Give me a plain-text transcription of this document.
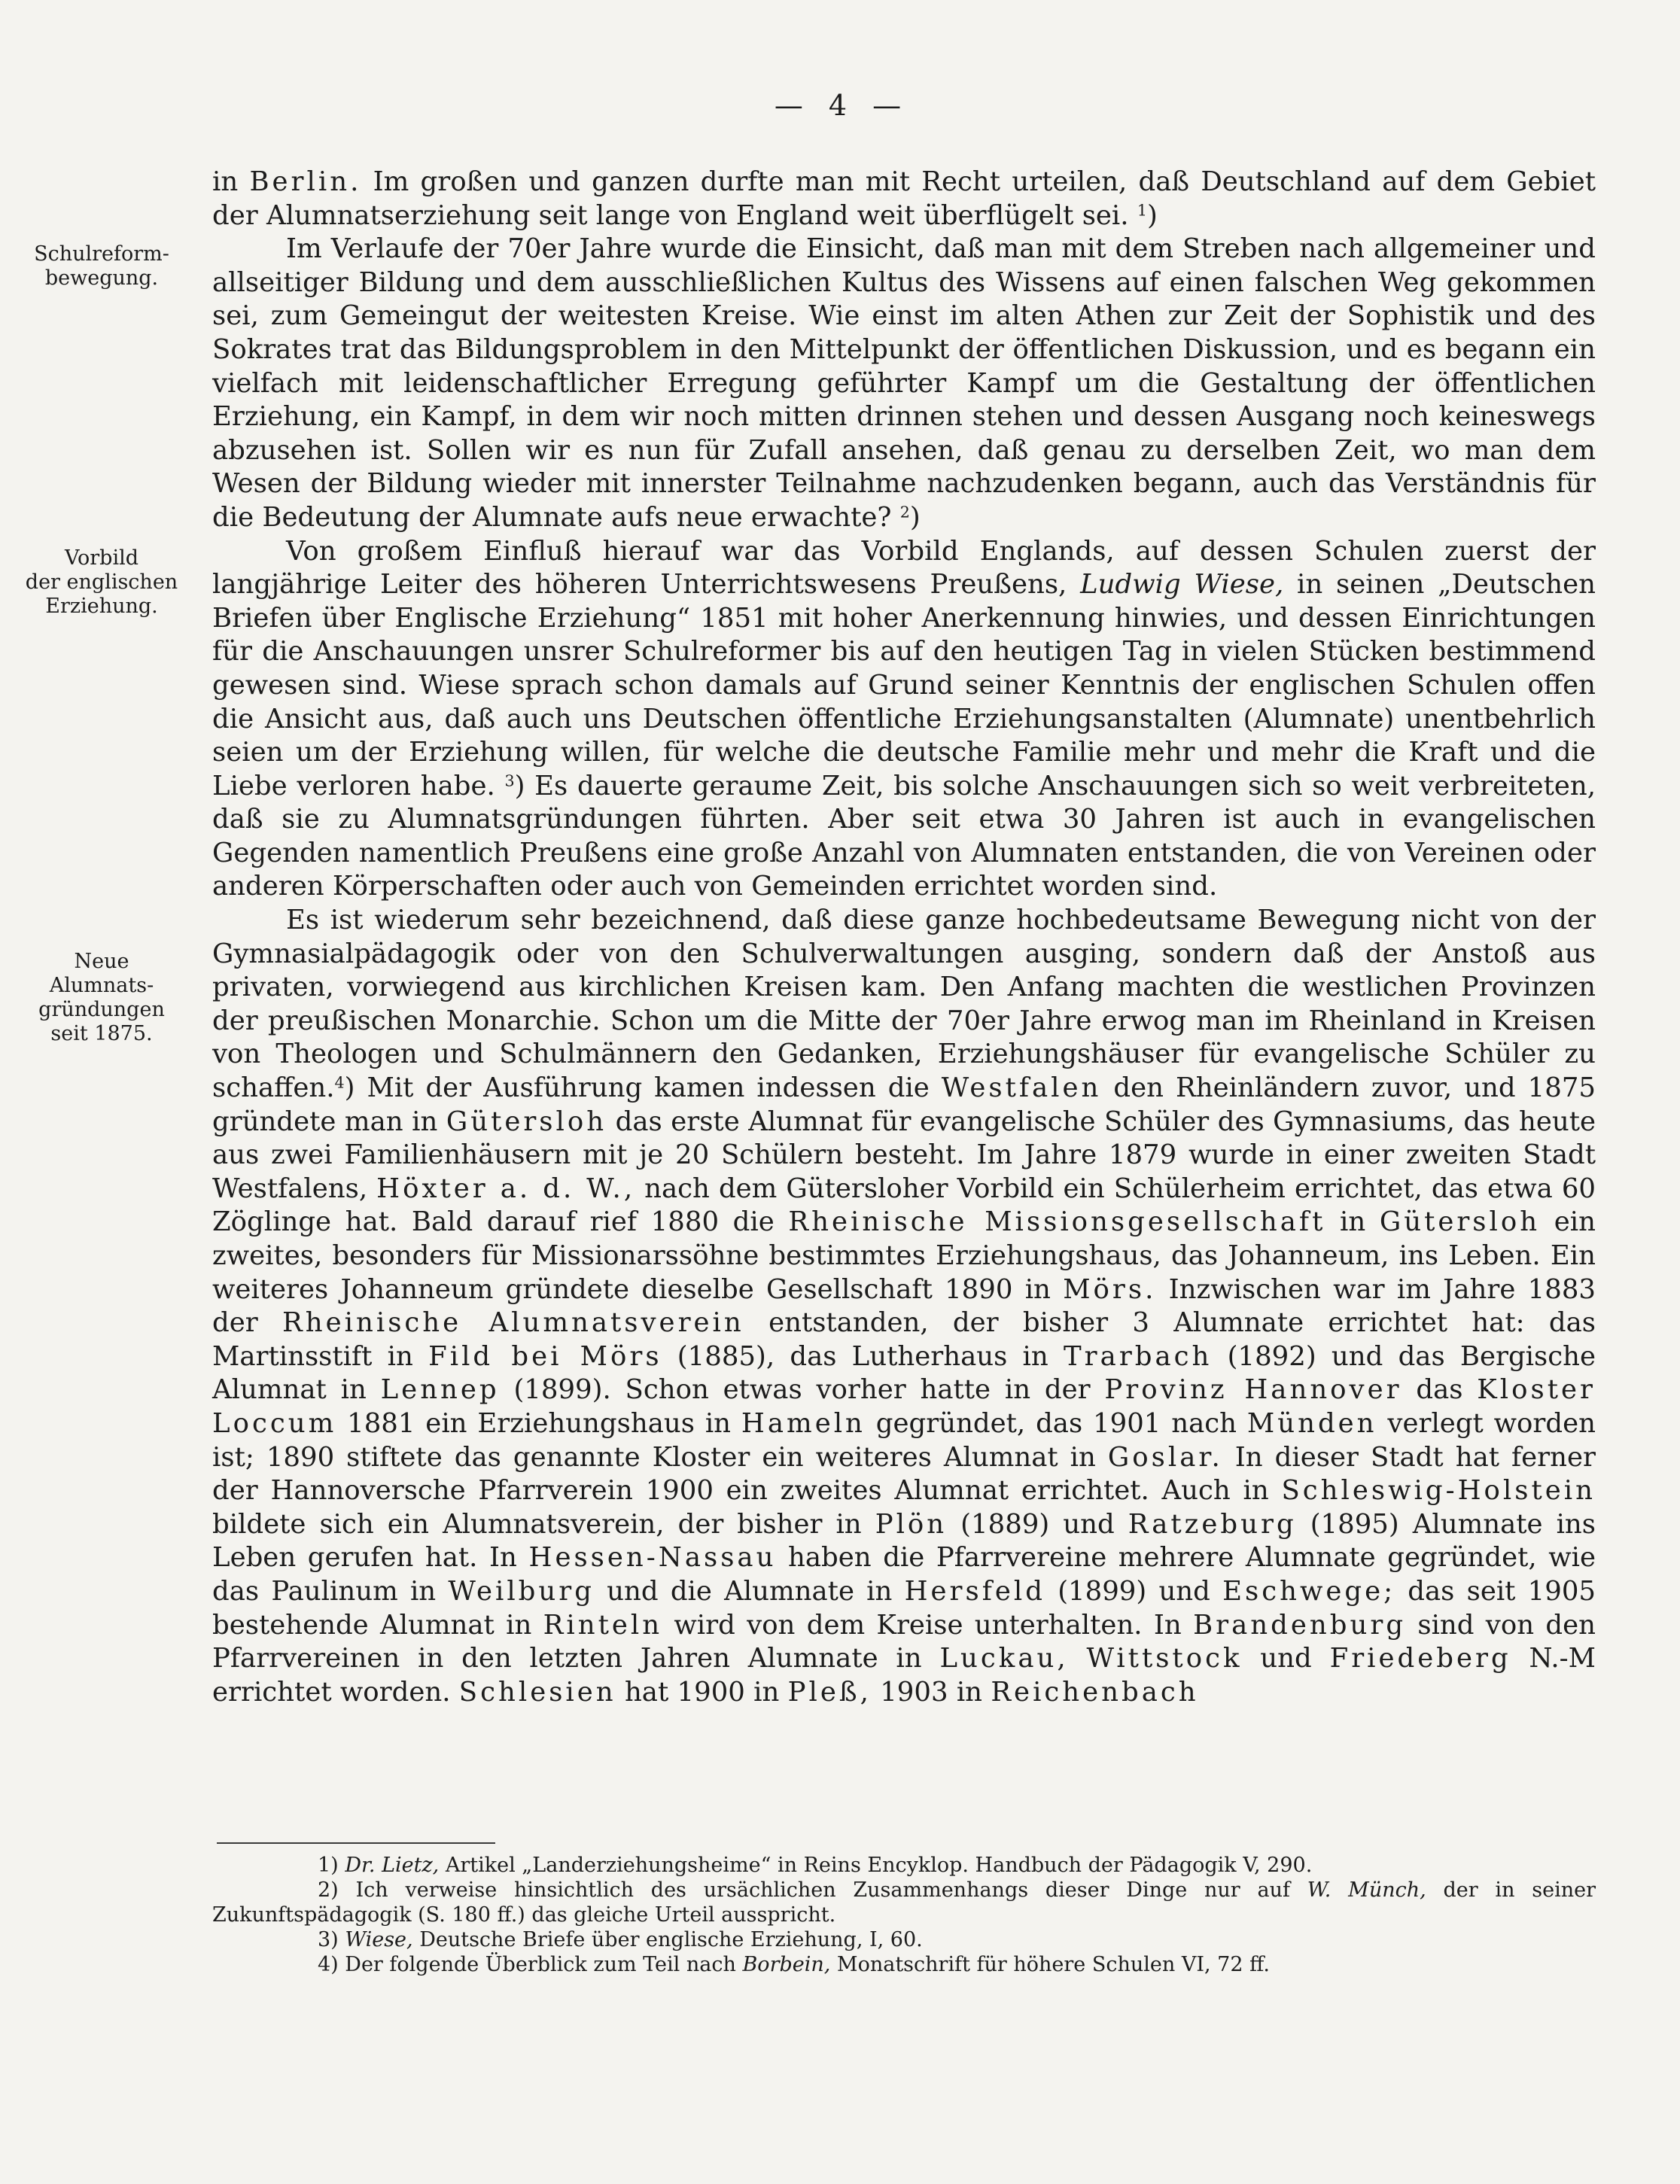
— 4 —
Schulreform-
bewegung.
Vorbild
der englischen
Erziehung.
Neue
Alumnats-
gründungen
seit 1875.

in Berlin. Im großen und ganzen durfte man mit Recht urteilen, daß Deutschland auf dem Gebiet der Alumnatserziehung seit lange von England weit überflügelt sei. $^1$)

Im Verlaufe der 70er Jahre wurde die Einsicht, daß man mit dem Streben nach allgemeiner und allseitiger Bildung und dem ausschließlichen Kultus des Wissens auf einen falschen Weg gekommen sei, zum Gemeingut der weitesten Kreise. Wie einst im alten Athen zur Zeit der Sophistik und des Sokrates trat das Bildungsproblem in den Mittelpunkt der öffentlichen Diskussion, und es begann ein vielfach mit leidenschaftlicher Erregung geführter Kampf um die Gestaltung der öffentlichen Erziehung, ein Kampf, in dem wir noch mitten drinnen stehen und dessen Ausgang noch keineswegs abzusehen ist. Sollen wir es nun für Zufall ansehen, daß genau zu derselben Zeit, wo man dem Wesen der Bildung wieder mit innerster Teilnahme nachzudenken begann, auch das Verständnis für die Bedeutung der Alumnate aufs neue erwachte? $^2$)

Von großem Einfluß hierauf war das Vorbild Englands, auf dessen Schulen zuerst der langjährige Leiter des höheren Unterrichtswesens Preußens, Ludwig Wiese, in seinen „Deutschen Briefen über Englische Erziehung“ 1851 mit hoher Anerkennung hinwies, und dessen Einrichtungen für die Anschauungen unsrer Schulreformer bis auf den heutigen Tag in vielen Stücken bestimmend gewesen sind. Wiese sprach schon damals auf Grund seiner Kenntnis der englischen Schulen offen die Ansicht aus, daß auch uns Deutschen öffentliche Erziehungsanstalten (Alumnate) unentbehrlich seien um der Erziehung willen, für welche die deutsche Familie mehr und mehr die Kraft und die Liebe verloren habe. $^3$) Es dauerte geraume Zeit, bis solche Anschauungen sich so weit verbreiteten, daß sie zu Alumnatsgründungen führten. Aber seit etwa 30 Jahren ist auch in evangelischen Gegenden namentlich Preußens eine große Anzahl von Alumnaten entstanden, die von Vereinen oder anderen Körperschaften oder auch von Gemeinden errichtet worden sind.

Es ist wiederum sehr bezeichnend, daß diese ganze hochbedeutsame Bewegung nicht von der Gymnasialpädagogik oder von den Schulverwaltungen ausging, sondern daß der Anstoß aus privaten, vorwiegend aus kirchlichen Kreisen kam. Den Anfang machten die westlichen Provinzen der preußischen Monarchie. Schon um die Mitte der 70er Jahre erwog man im Rheinland in Kreisen von Theologen und Schulmännern den Gedanken, Erziehungshäuser für evangelische Schüler zu schaffen.$^4$) Mit der Ausführung kamen indessen die Westfalen den Rheinländern zuvor, und 1875 gründete man in Gütersloh das erste Alumnat für evangelische Schüler des Gymnasiums, das heute aus zwei Familienhäusern mit je 20 Schülern besteht. Im Jahre 1879 wurde in einer zweiten Stadt Westfalens, Höxter a. d. W., nach dem Gütersloher Vorbild ein Schülerheim errichtet, das etwa 60 Zöglinge hat. Bald darauf rief 1880 die Rheinische Missionsgesellschaft in Gütersloh ein zweites, besonders für Missionarssöhne bestimmtes Erziehungshaus, das Johanneum, ins Leben. Ein weiteres Johanneum gründete dieselbe Gesellschaft 1890 in Mörs. Inzwischen war im Jahre 1883 der Rheinische Alumnatsverein entstanden, der bisher 3 Alumnate errichtet hat: das Martinsstift in Fild bei Mörs (1885), das Lutherhaus in Trarbach (1892) und das Bergische Alumnat in Lennep (1899). Schon etwas vorher hatte in der Provinz Hannover das Kloster Loccum 1881 ein Erziehungshaus in Hameln gegründet, das 1901 nach Münden verlegt worden ist; 1890 stiftete das genannte Kloster ein weiteres Alumnat in Goslar. In dieser Stadt hat ferner der Hannoversche Pfarrverein 1900 ein zweites Alumnat errichtet. Auch in Schleswig-Holstein bildete sich ein Alumnatsverein, der bisher in Plön (1889) und Ratzeburg (1895) Alumnate ins Leben gerufen hat. In Hessen-Nassau haben die Pfarrvereine mehrere Alumnate gegründet, wie das Paulinum in Weilburg und die Alumnate in Hersfeld (1899) und Eschwege; das seit 1905 bestehende Alumnat in Rinteln wird von dem Kreise unterhalten. In Brandenburg sind von den Pfarrvereinen in den letzten Jahren Alumnate in Luckau, Wittstock und Friedeberg N.-M errichtet worden. Schlesien hat 1900 in Pleß, 1903 in Reichenbach

1) Dr. Lietz, Artikel „Landerziehungsheime“ in Reins Encyklop. Handbuch der Pädagogik V, 290.

2) Ich verweise hinsichtlich des ursächlichen Zusammenhangs dieser Dinge nur auf W. Münch, der in seiner Zukunftspädagogik (S. 180 ff.) das gleiche Urteil ausspricht.

3) Wiese, Deutsche Briefe über englische Erziehung, I, 60.

4) Der folgende Überblick zum Teil nach Borbein, Monatschrift für höhere Schulen VI, 72 ff.
